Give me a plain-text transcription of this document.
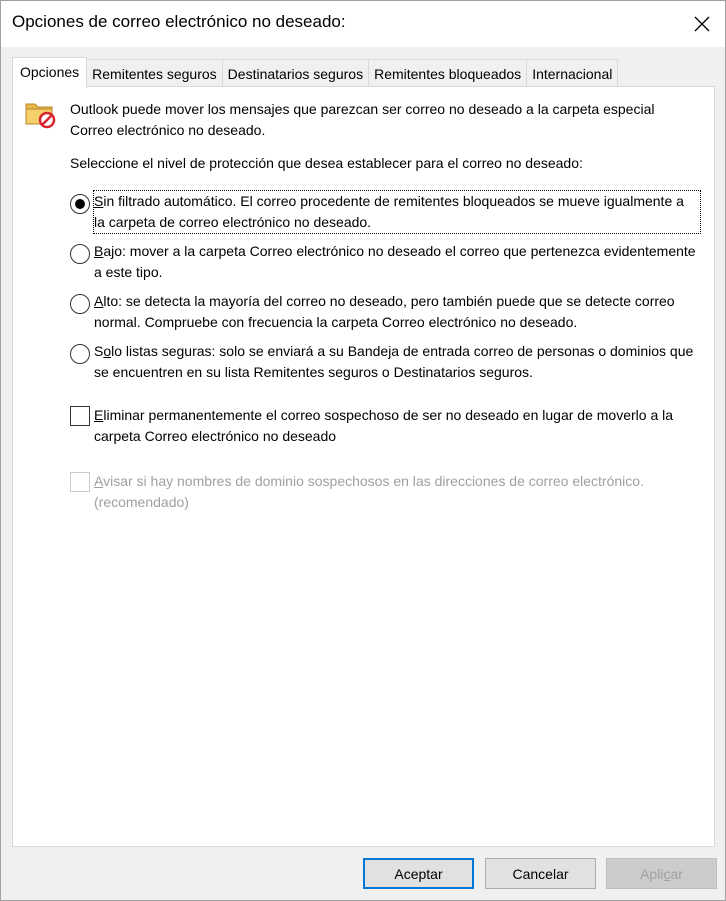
Opciones de correo electrónico no deseado:
Opciones Remitentes seguros Destinatarios seguros Remitentes bloqueados Internacional
Outlook puede mover los mensajes que parezcan ser correo no deseado a la carpeta especial Correo electrónico no deseado.
Seleccione el nivel de protección que desea establecer para el correo no deseado:
Sin filtrado automático. El correo procedente de remitentes bloqueados se mueve igualmente a la carpeta de correo electrónico no deseado.
Bajo: mover a la carpeta Correo electrónico no deseado el correo que pertenezca evidentemente a este tipo.
Alto: se detecta la mayoría del correo no deseado, pero también puede que se detecte correo normal. Compruebe con frecuencia la carpeta Correo electrónico no deseado.
Solo listas seguras: solo se enviará a su Bandeja de entrada correo de personas o dominios que se encuentren en su lista Remitentes seguros o Destinatarios seguros.
Eliminar permanentemente el correo sospechoso de ser no deseado en lugar de moverlo a la carpeta Correo electrónico no deseado
Avisar si hay nombres de dominio sospechosos en las direcciones de correo electrónico. (recomendado)
Aceptar	Cancelar	Apli c ar
